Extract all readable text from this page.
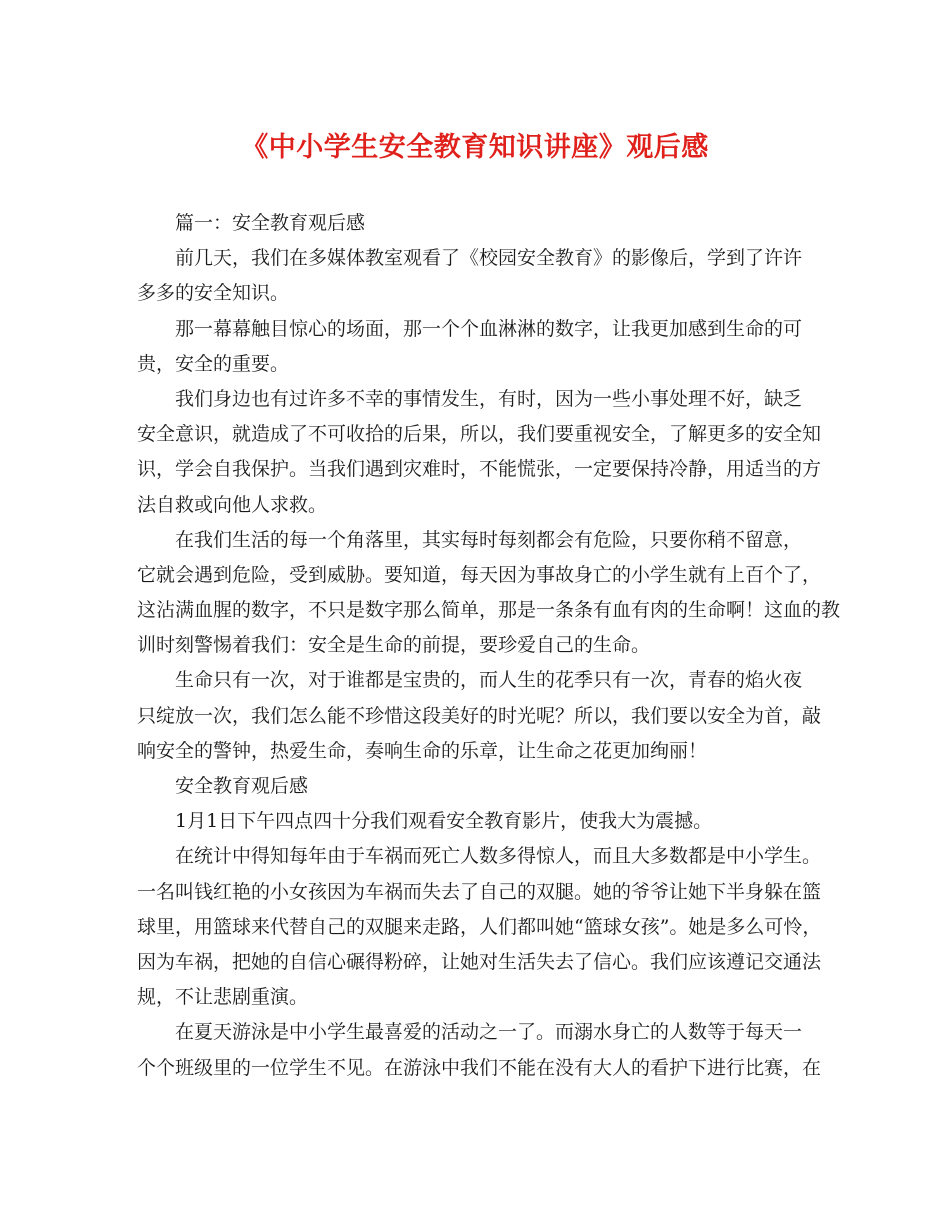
《中小学生安全教育知识讲座》观后感
篇一：安全教育观后感
前几天，我们在多媒体教室观看了《校园安全教育》的影像后，学到了许许
多多的安全知识。
那一幕幕触目惊心的场面，那一个个血淋淋的数字，让我更加感到生命的可
贵，安全的重要。
我们身边也有过许多不幸的事情发生，有时，因为一些小事处理不好，缺乏
安全意识，就造成了不可收拾的后果，所以，我们要重视安全，了解更多的安全知
识，学会自我保护。当我们遇到灾难时，不能慌张，一定要保持冷静，用适当的方
法自救或向他人求救。
在我们生活的每一个角落里，其实每时每刻都会有危险，只要你稍不留意，
它就会遇到危险，受到威胁。要知道，每天因为事故身亡的小学生就有上百个了，
这沾满血腥的数字，不只是数字那么简单，那是一条条有血有肉的生命啊！这血的教
训时刻警惕着我们：安全是生命的前提，要珍爱自己的生命。
生命只有一次，对于谁都是宝贵的，而人生的花季只有一次，青春的焰火夜
只绽放一次，我们怎么能不珍惜这段美好的时光呢？所以，我们要以安全为首，敲
响安全的警钟，热爱生命，奏响生命的乐章，让生命之花更加绚丽！
安全教育观后感
1月1日下午四点四十分我们观看安全教育影片，使我大为震撼。
在统计中得知每年由于车祸而死亡人数多得惊人，而且大多数都是中小学生。
一名叫钱红艳的小女孩因为车祸而失去了自己的双腿。她的爷爷让她下半身躲在篮
球里，用篮球来代替自己的双腿来走路，人们都叫她“篮球女孩”。她是多么可怜，
因为车祸，把她的自信心碾得粉碎，让她对生活失去了信心。我们应该遵记交通法
规，不让悲剧重演。
在夏天游泳是中小学生最喜爱的活动之一了。而溺水身亡的人数等于每天一
个个班级里的一位学生不见。在游泳中我们不能在没有大人的看护下进行比赛，在
